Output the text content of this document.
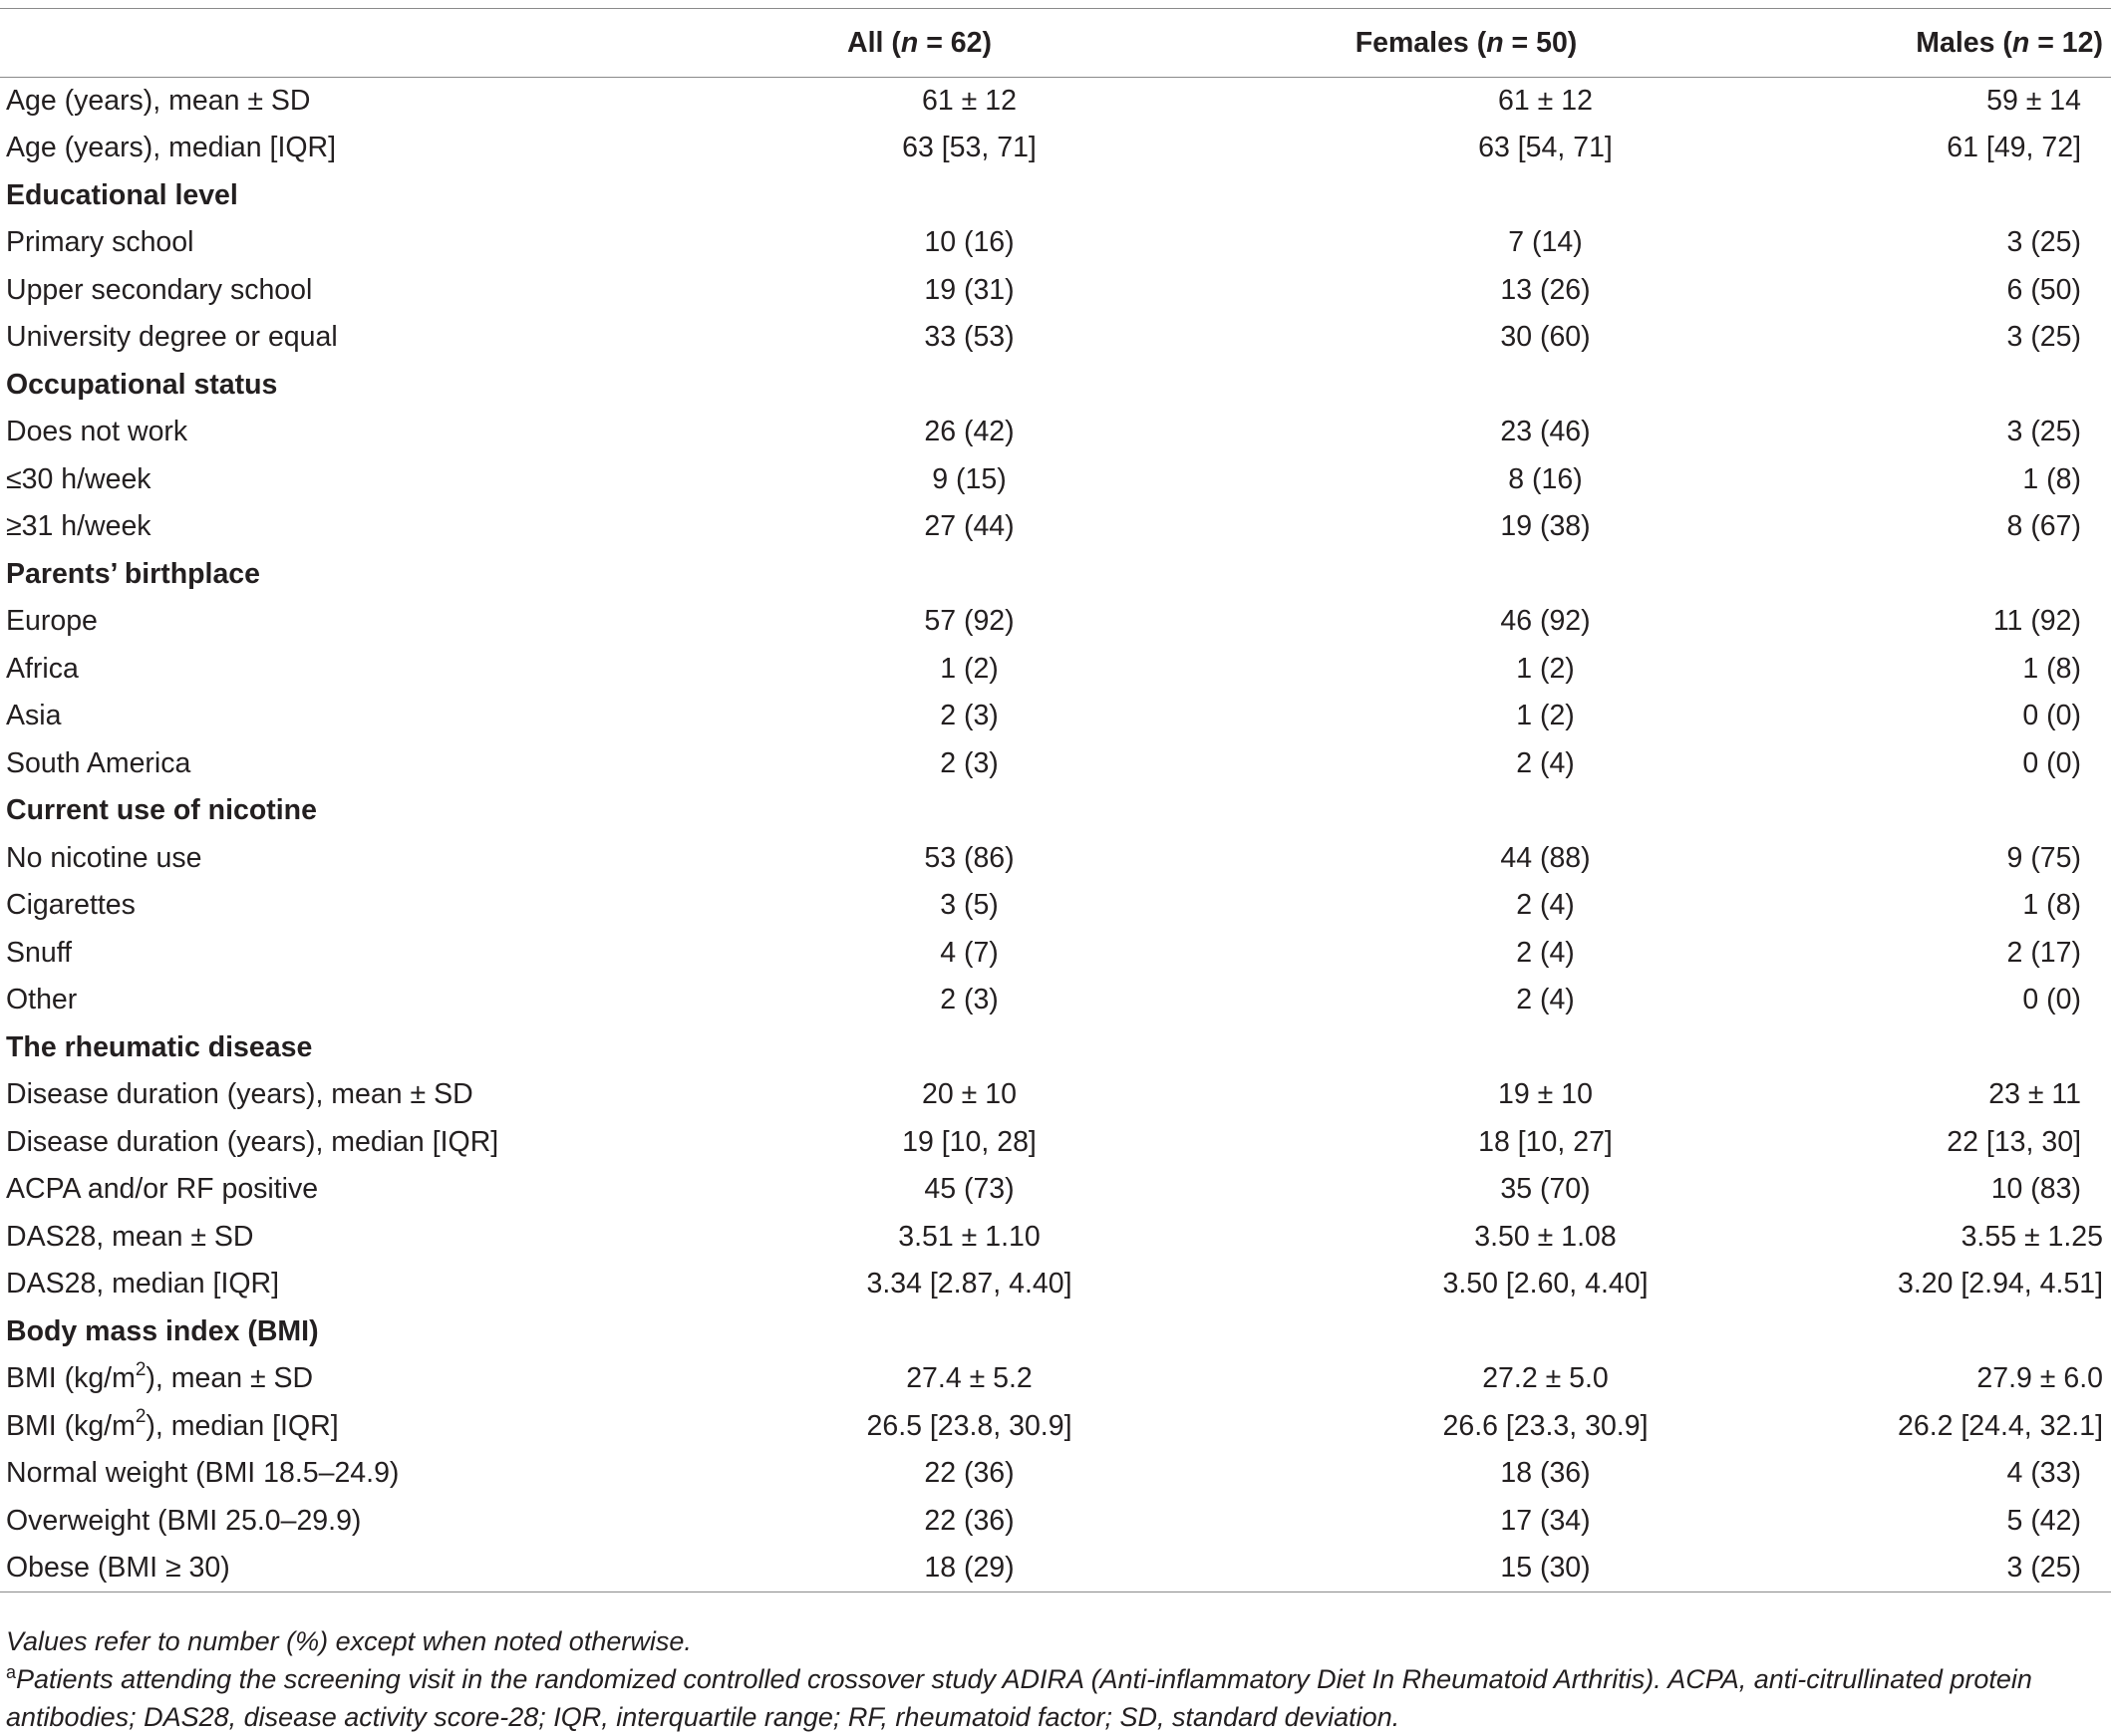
	All (n = 62)	Females (n = 50)	Males (n = 12)
Age (years), mean ± SD	61 ± 12	61 ± 12	59 ± 14
Age (years), median [IQR]	63 [53, 71]	63 [54, 71]	61 [49, 72]
Educational level			
Primary school	10 (16)	7 (14)	3 (25)
Upper secondary school	19 (31)	13 (26)	6 (50)
University degree or equal	33 (53)	30 (60)	3 (25)
Occupational status			
Does not work	26 (42)	23 (46)	3 (25)
≤30 h/week	9 (15)	8 (16)	1 (8)
≥31 h/week	27 (44)	19 (38)	8 (67)
Parents’ birthplace			
Europe	57 (92)	46 (92)	11 (92)
Africa	1 (2)	1 (2)	1 (8)
Asia	2 (3)	1 (2)	0 (0)
South America	2 (3)	2 (4)	0 (0)
Current use of nicotine			
No nicotine use	53 (86)	44 (88)	9 (75)
Cigarettes	3 (5)	2 (4)	1 (8)
Snuff	4 (7)	2 (4)	2 (17)
Other	2 (3)	2 (4)	0 (0)
The rheumatic disease			
Disease duration (years), mean ± SD	20 ± 10	19 ± 10	23 ± 11
Disease duration (years), median [IQR]	19 [10, 28]	18 [10, 27]	22 [13, 30]
ACPA and/or RF positive	45 (73)	35 (70)	10 (83)
DAS28, mean ± SD	3.51 ± 1.10	3.50 ± 1.08	3.55 ± 1.25
DAS28, median [IQR]	3.34 [2.87, 4.40]	3.50 [2.60, 4.40]	3.20 [2.94, 4.51]
Body mass index (BMI)			
BMI $(kg/m^2)$, mean ± SD	27.4 ± 5.2	27.2 ± 5.0	27.9 ± 6.0
BMI $(kg/m^2)$, median [IQR]	26.5 [23.8, 30.9]	26.6 [23.3, 30.9]	26.2 [24.4, 32.1]
Normal weight (BMI 18.5–24.9)	22 (36)	18 (36)	4 (33)
Overweight (BMI 25.0–29.9)	22 (36)	17 (34)	5 (42)
Obese (BMI ≥ 30)	18 (29)	15 (30)	3 (25)
Values refer to number (%) except when noted otherwise.
$^a$Patients attending the screening visit in the randomized controlled crossover study ADIRA (Anti-inflammatory Diet In Rheumatoid Arthritis). ACPA, anti-citrullinated protein antibodies; DAS28, disease activity score-28; IQR, interquartile range; RF, rheumatoid factor; SD, standard deviation.
